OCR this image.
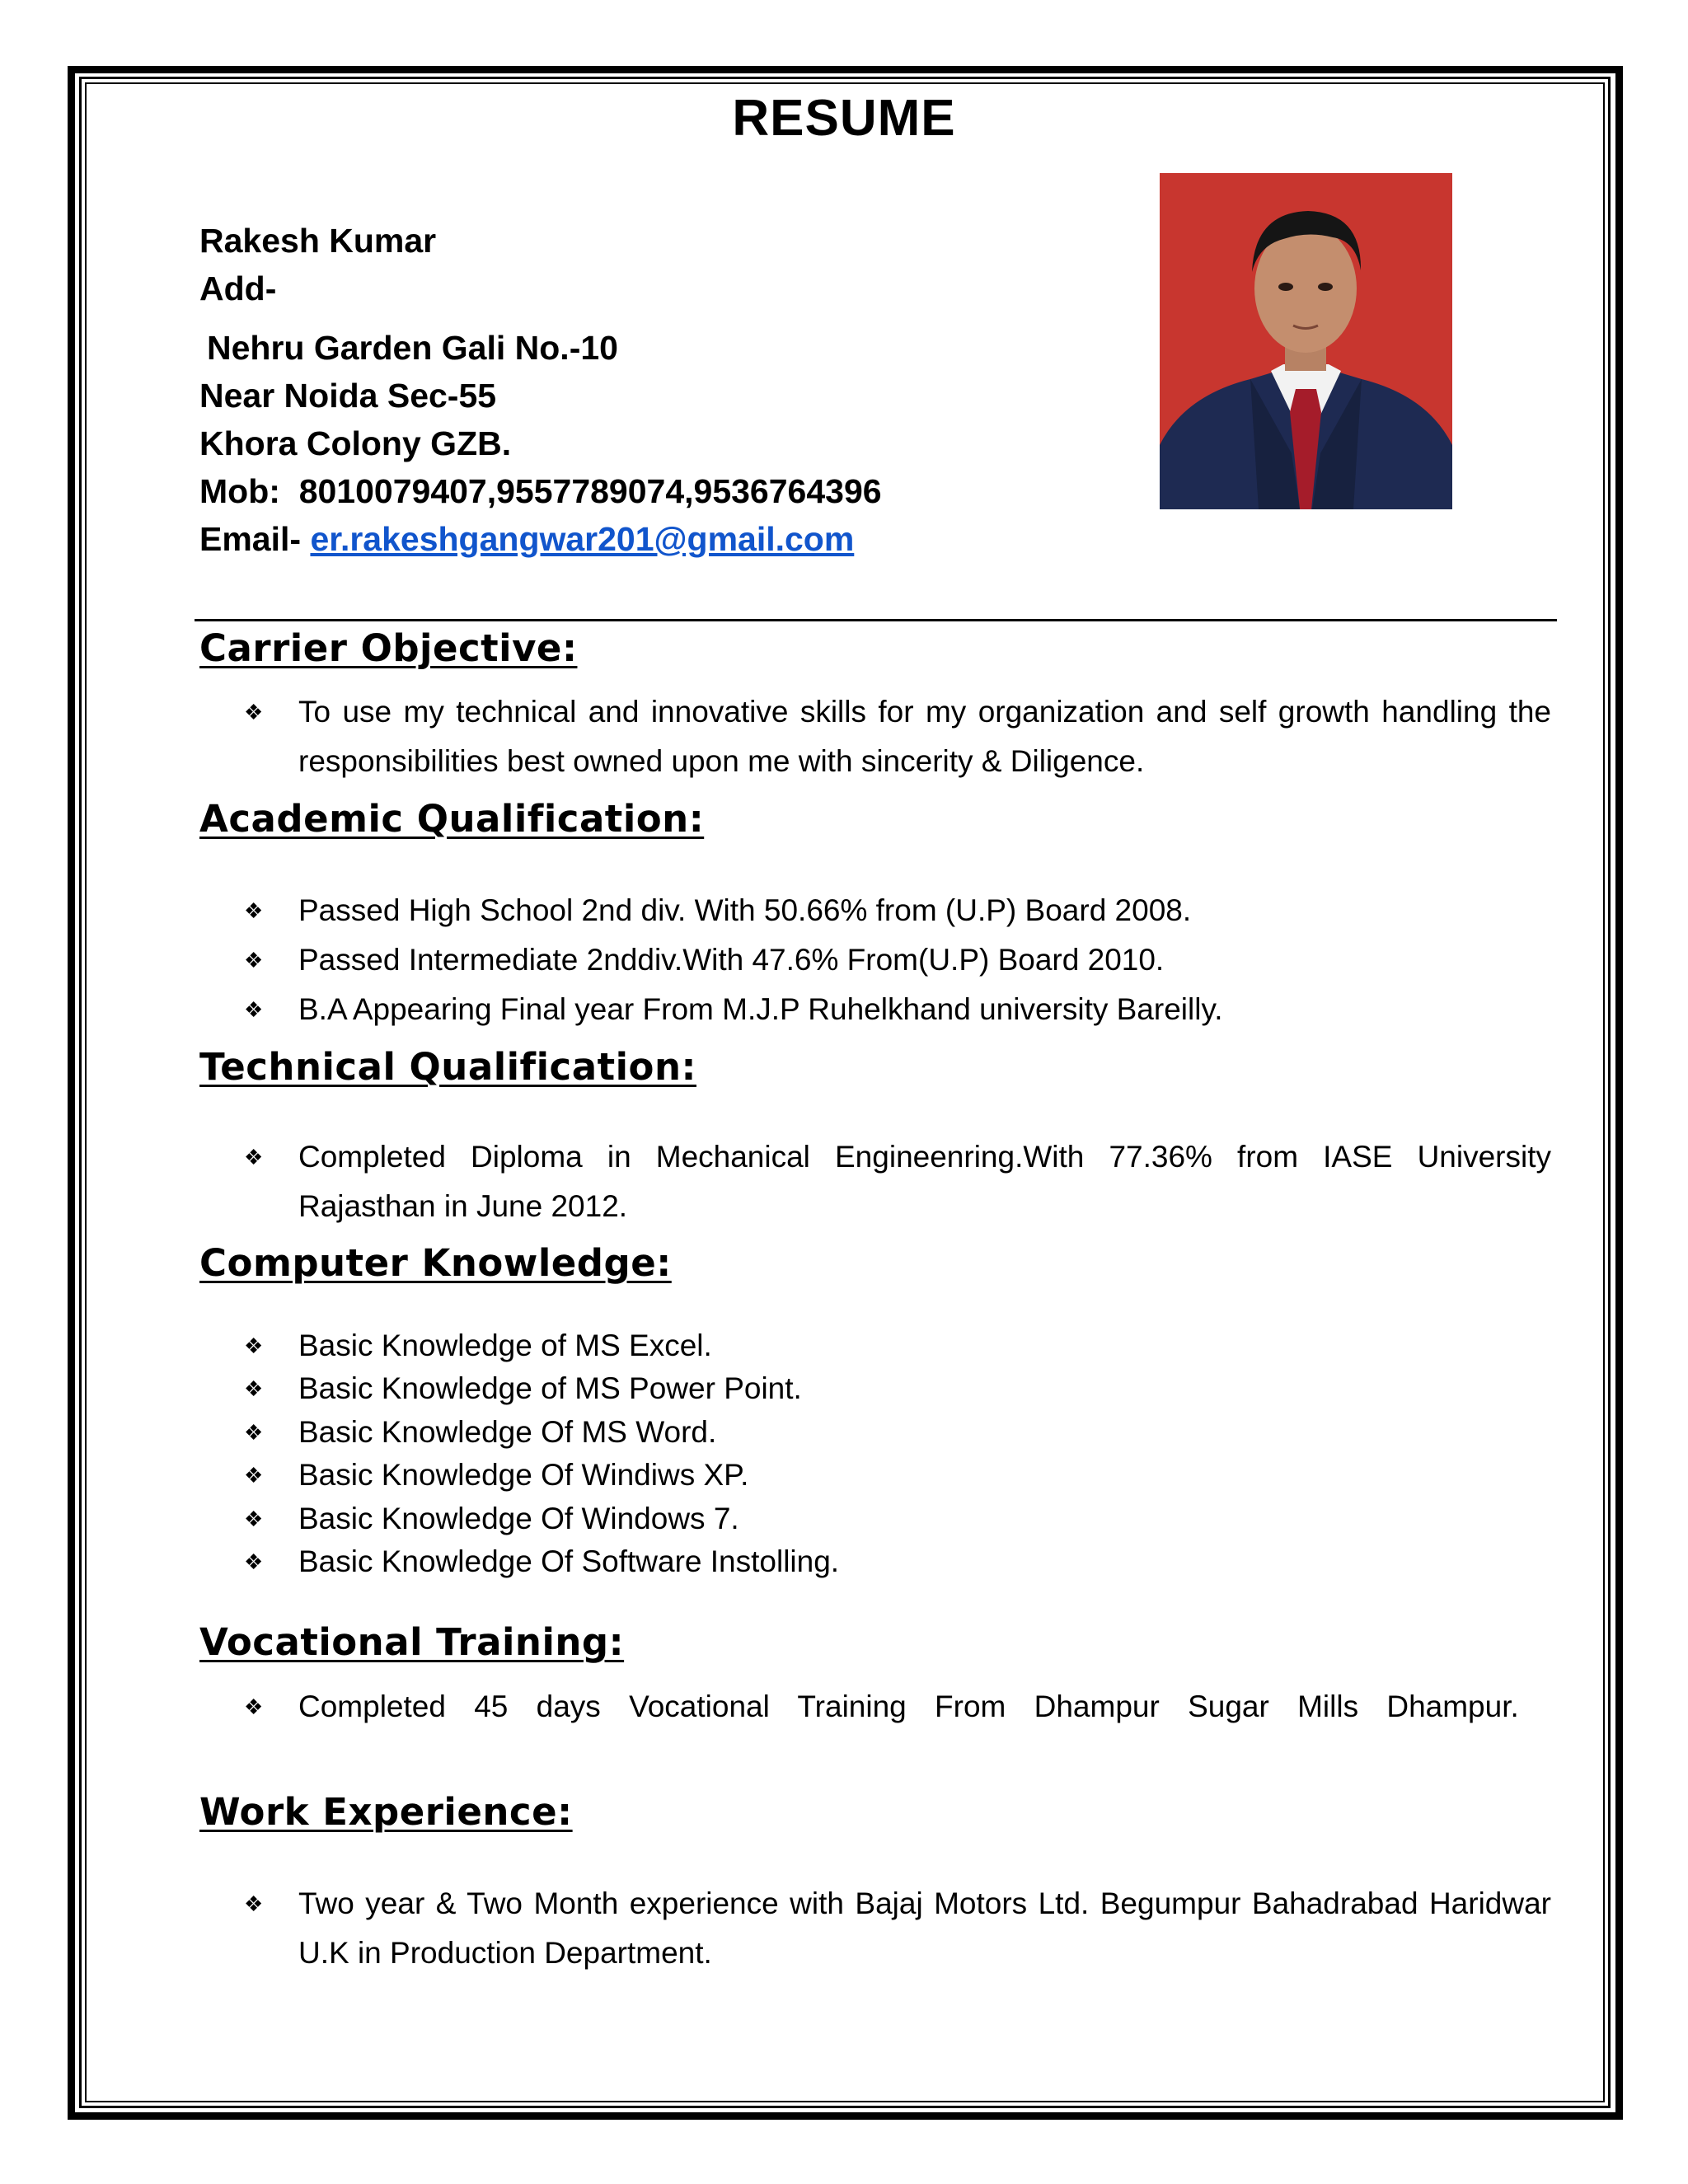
RESUME
Rakesh Kumar
Add-
Nehru Garden Gali No.-10
Near Noida Sec-55
Khora Colony GZB.
Mob: 8010079407,9557789074,9536764396
Email- er.rakeshgangwar201@gmail.com
Carrier Objective:
❖ To use my technical and innovative skills for my organization and self growth handling the responsibilities best owned upon me with sincerity & Diligence.
Academic Qualification:
❖ Passed High School 2nd div. With 50.66% from (U.P) Board 2008.
❖ Passed Intermediate 2nddiv.With 47.6% From(U.P) Board 2010.
❖ B.A Appearing Final year From M.J.P Ruhelkhand university Bareilly.
Technical Qualification:
❖ Completed Diploma in Mechanical Engineenring.With 77.36% from IASE University Rajasthan in June 2012.
Computer Knowledge:
❖ Basic Knowledge of MS Excel.
❖ Basic Knowledge of MS Power Point.
❖ Basic Knowledge Of MS Word.
❖ Basic Knowledge Of Windiws XP.
❖ Basic Knowledge Of Windows 7.
❖ Basic Knowledge Of Software Instolling.
Vocational Training:
❖ Completed 45 days Vocational Training From Dhampur Sugar Mills Dhampur.
Work Experience:
❖ Two year & Two Month experience with Bajaj Motors Ltd. Begumpur Bahadrabad Haridwar U.K in Production Department.
